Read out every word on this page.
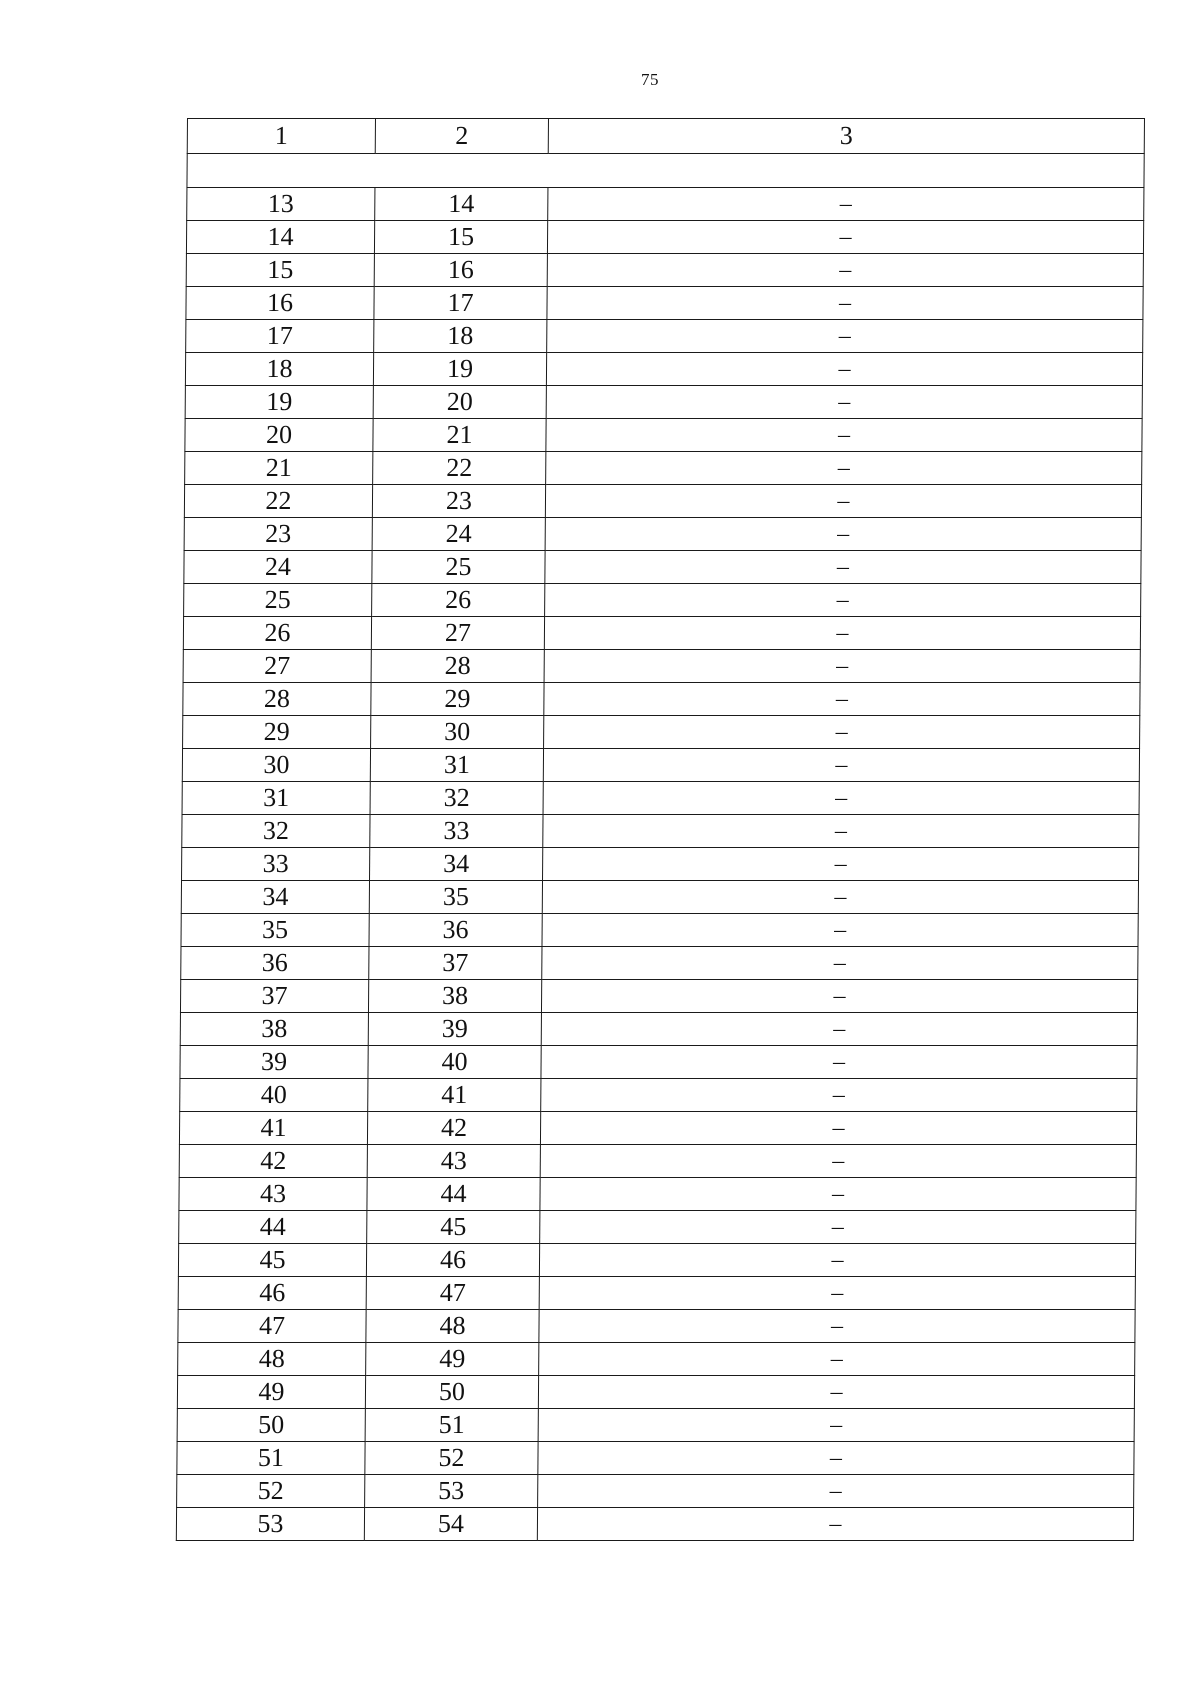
75
1	2	3

13	14	–
14	15	–
15	16	–
16	17	–
17	18	–
18	19	–
19	20	–
20	21	–
21	22	–
22	23	–
23	24	–
24	25	–
25	26	–
26	27	–
27	28	–
28	29	–
29	30	–
30	31	–
31	32	–
32	33	–
33	34	–
34	35	–
35	36	–
36	37	–
37	38	–
38	39	–
39	40	–
40	41	–
41	42	–
42	43	–
43	44	–
44	45	–
45	46	–
46	47	–
47	48	–
48	49	–
49	50	–
50	51	–
51	52	–
52	53	–
53	54	–
